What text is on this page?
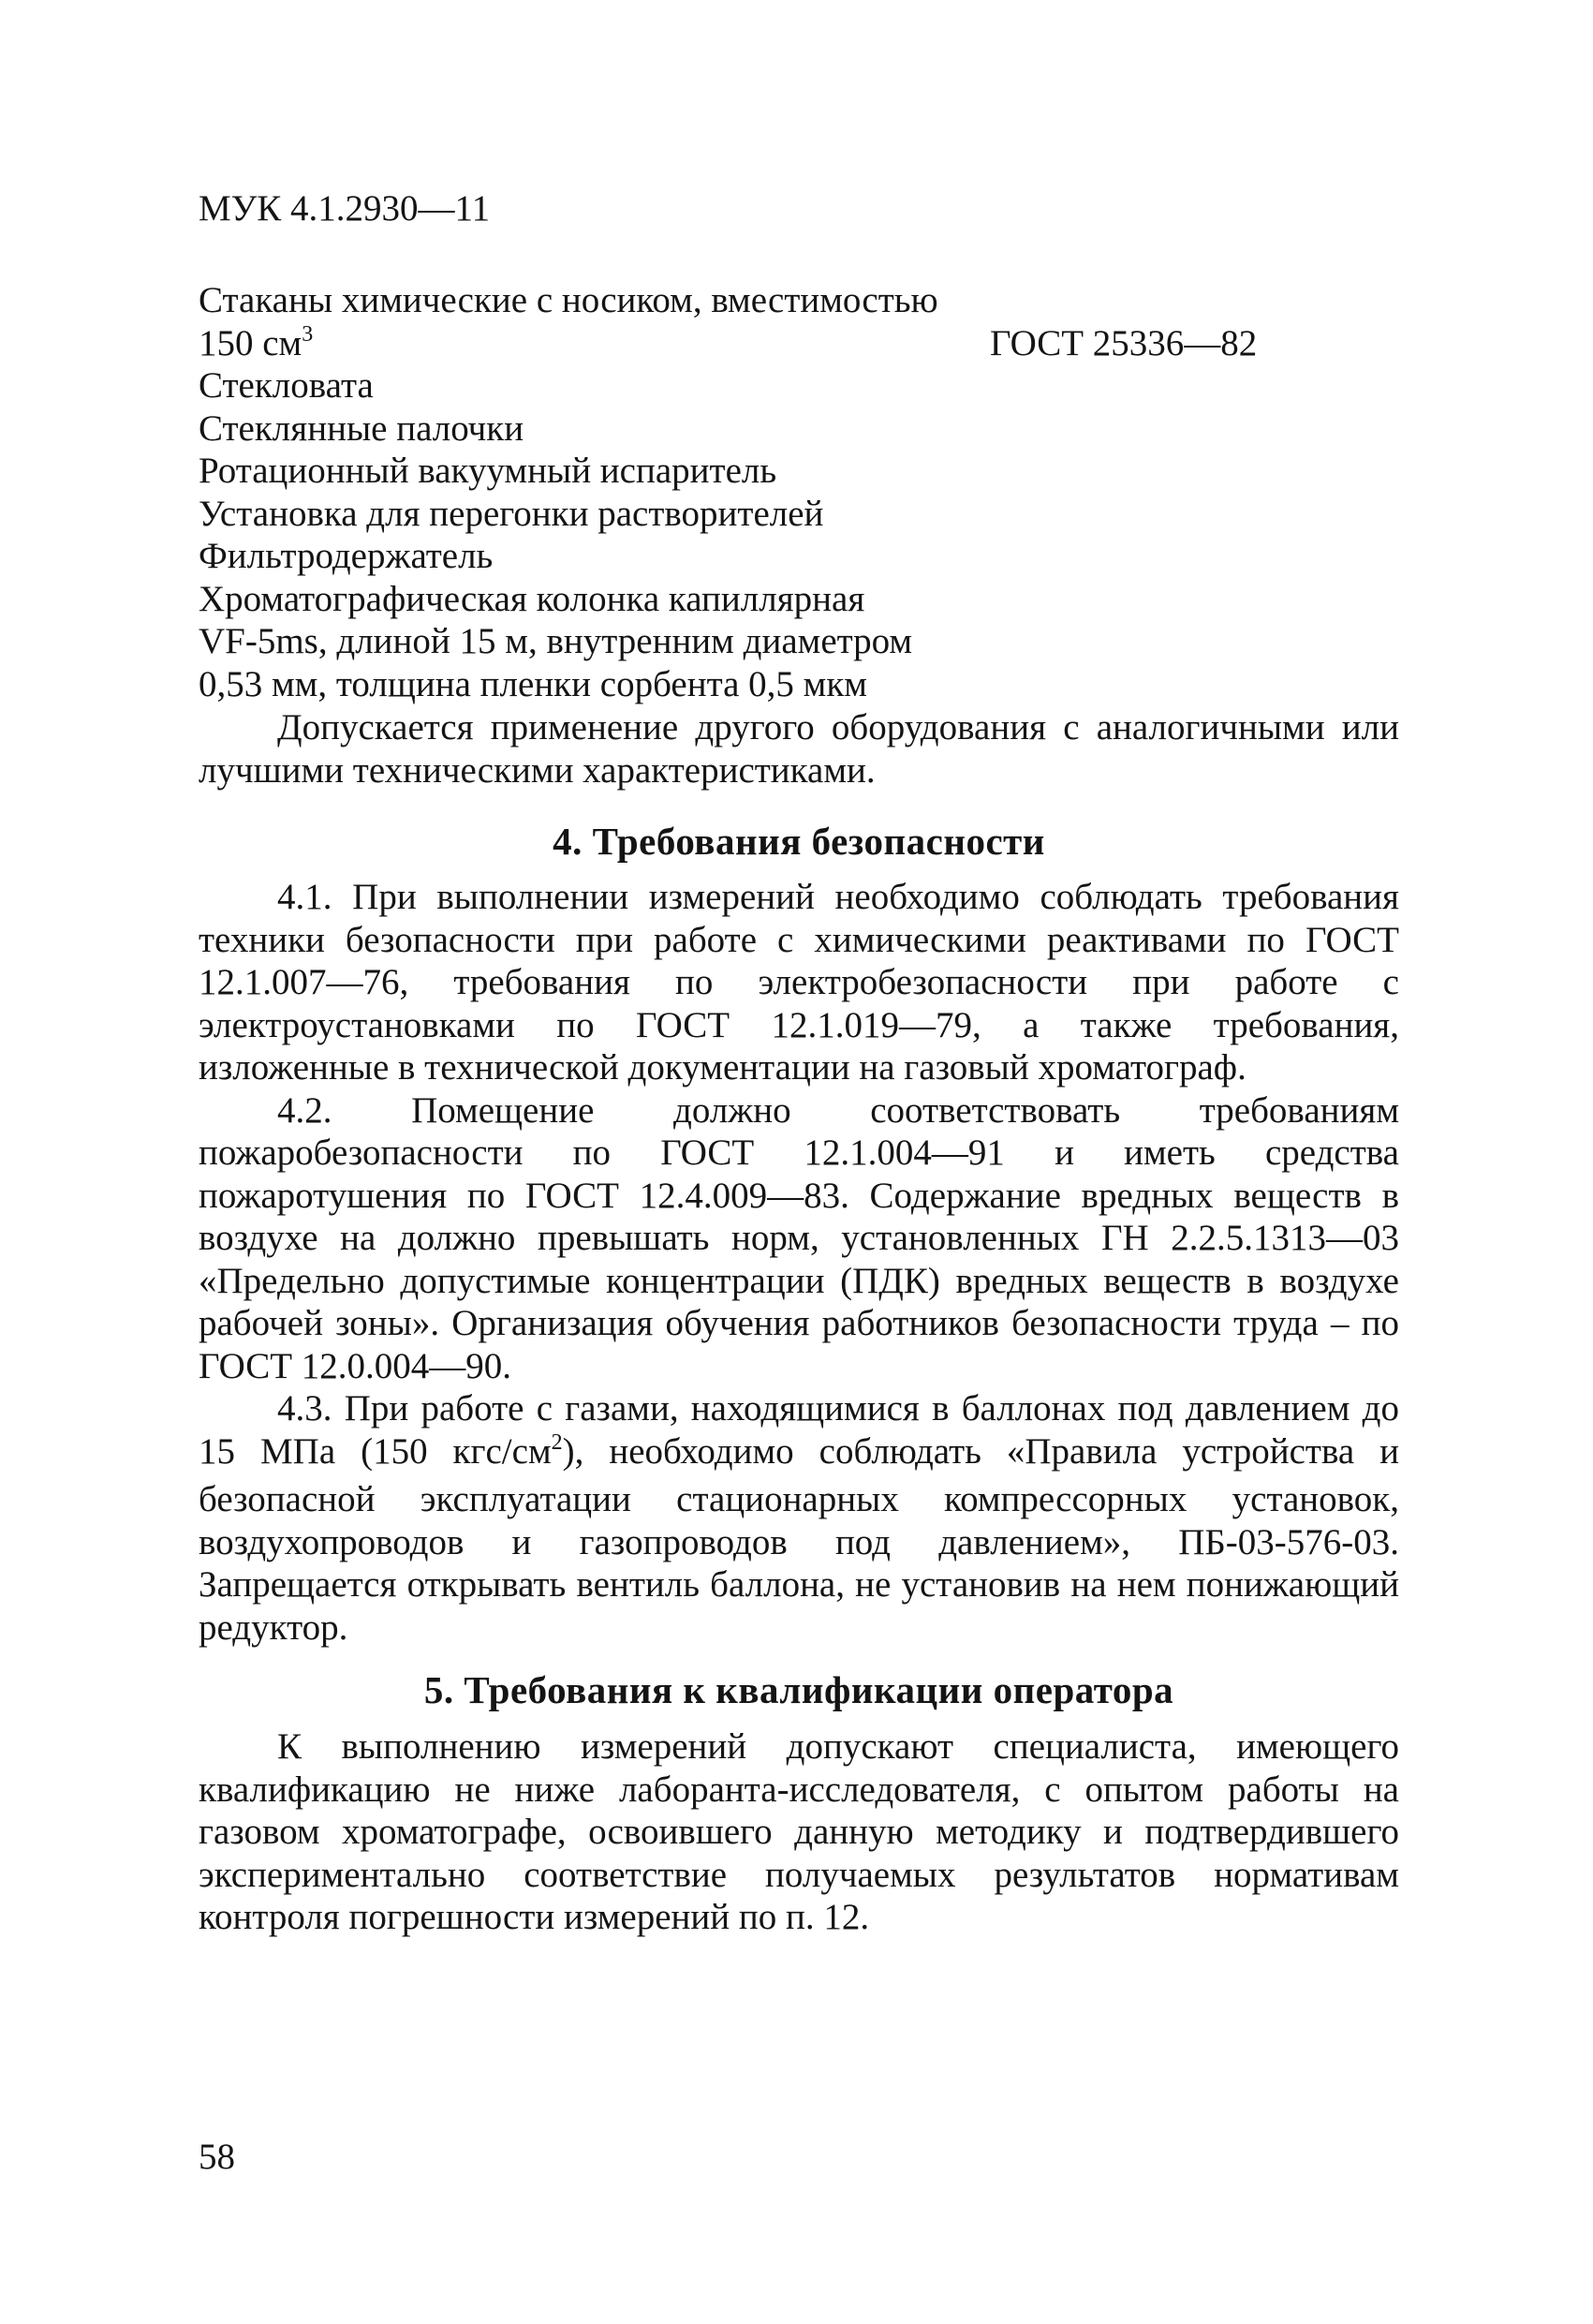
МУК 4.1.2930—11
Стаканы химические с носиком, вместимостью
150 $см^3$	ГОСТ 25336—82
Стекловата
Стеклянные палочки
Ротационный вакуумный испаритель
Установка для перегонки растворителей
Фильтродержатель
Хроматографическая колонка капиллярная
VF-5ms, длиной 15 м, внутренним диаметром
0,53 мм, толщина пленки сорбента 0,5 мкм

Допускается применение другого оборудования с аналогичными или лучшими техническими характеристиками.

4. Требования безопасности

4.1. При выполнении измерений необходимо соблюдать требования техники безопасности при работе с химическими реактивами по ГОСТ 12.1.007—76, требования по электробезопасности при работе с электроустановками по ГОСТ 12.1.019—79, а также требования, изложенные в технической документации на газовый хроматограф.

4.2. Помещение должно соответствовать требованиям пожаробезопасности по ГОСТ 12.1.004—91 и иметь средства пожаротушения по ГОСТ 12.4.009—83. Содержание вредных веществ в воздухе на должно превышать норм, установленных ГН 2.2.5.1313—03 «Предельно допустимые концентрации (ПДК) вредных веществ в воздухе рабочей зоны». Организация обучения работников безопасности труда – по ГОСТ 12.0.004—90.

4.3. При работе с газами, находящимися в баллонах под давлением до 15 МПа (150 кгс/$см^2$), необходимо соблюдать «Правила устройства и безопасной эксплуатации стационарных компрессорных установок, воздухопроводов и газопроводов под давлением», ПБ-03-576-03. Запрещается открывать вентиль баллона, не установив на нем понижающий редуктор.

5. Требования к квалификации оператора

К выполнению измерений допускают специалиста, имеющего квалификацию не ниже лаборанта-исследователя, с опытом работы на газовом хроматографе, освоившего данную методику и подтвердившего экспериментально соответствие получаемых результатов нормативам контроля погрешности измерений по п. 12.

58
